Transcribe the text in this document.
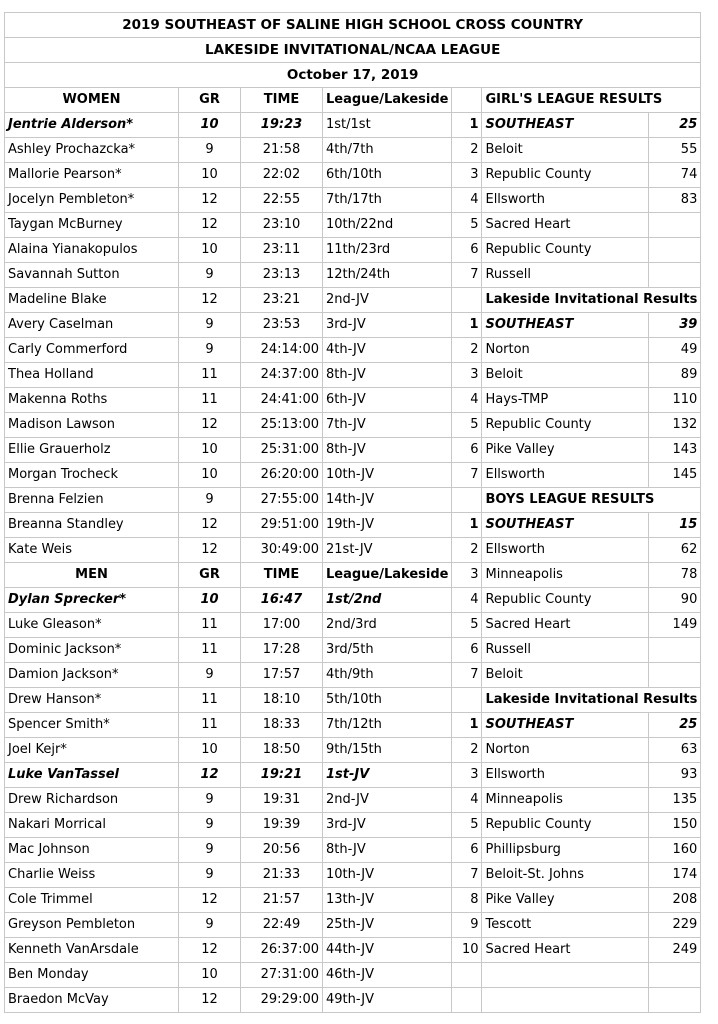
2019 SOUTHEAST OF SALINE HIGH SCHOOL CROSS COUNTRY						
LAKESIDE INVITATIONAL/NCAA LEAGUE						
October 17, 2019						
WOMEN	GR	TIME	League/Lakeside		GIRL'S LEAGUE RESULTS	
Jentrie Alderson*	10	19:23	1st/1st	1	SOUTHEAST	25
Ashley Prochazcka*	9	21:58	4th/7th	2	Beloit	55
Mallorie Pearson*	10	22:02	6th/10th	3	Republic County	74
Jocelyn Pembleton*	12	22:55	7th/17th	4	Ellsworth	83
Taygan McBurney	12	23:10	10th/22nd	5	Sacred Heart	
Alaina Yianakopulos	10	23:11	11th/23rd	6	Republic County	
Savannah Sutton	9	23:13	12th/24th	7	Russell	
Madeline Blake	12	23:21	2nd-JV		Lakeside Invitational Results	
Avery Caselman	9	23:53	3rd-JV	1	SOUTHEAST	39
Carly Commerford	9	24:14:00	4th-JV	2	Norton	49
Thea Holland	11	24:37:00	8th-JV	3	Beloit	89
Makenna Roths	11	24:41:00	6th-JV	4	Hays-TMP	110
Madison Lawson	12	25:13:00	7th-JV	5	Republic County	132
Ellie Grauerholz	10	25:31:00	8th-JV	6	Pike Valley	143
Morgan Trocheck	10	26:20:00	10th-JV	7	Ellsworth	145
Brenna Felzien	9	27:55:00	14th-JV		BOYS LEAGUE RESULTS	
Breanna Standley	12	29:51:00	19th-JV	1	SOUTHEAST	15
Kate Weis	12	30:49:00	21st-JV	2	Ellsworth	62
MEN	GR	TIME	League/Lakeside	3	Minneapolis	78
Dylan Sprecker*	10	16:47	1st/2nd	4	Republic County	90
Luke Gleason*	11	17:00	2nd/3rd	5	Sacred Heart	149
Dominic Jackson*	11	17:28	3rd/5th	6	Russell	
Damion Jackson*	9	17:57	4th/9th	7	Beloit	
Drew Hanson*	11	18:10	5th/10th		Lakeside Invitational Results	
Spencer Smith*	11	18:33	7th/12th	1	SOUTHEAST	25
Joel Kejr*	10	18:50	9th/15th	2	Norton	63
Luke VanTassel	12	19:21	1st-JV	3	Ellsworth	93
Drew Richardson	9	19:31	2nd-JV	4	Minneapolis	135
Nakari Morrical	9	19:39	3rd-JV	5	Republic County	150
Mac Johnson	9	20:56	8th-JV	6	Phillipsburg	160
Charlie Weiss	9	21:33	10th-JV	7	Beloit-St. Johns	174
Cole Trimmel	12	21:57	13th-JV	8	Pike Valley	208
Greyson Pembleton	9	22:49	25th-JV	9	Tescott	229
Kenneth VanArsdale	12	26:37:00	44th-JV	10	Sacred Heart	249
Ben Monday	10	27:31:00	46th-JV			
Braedon McVay	12	29:29:00	49th-JV			
